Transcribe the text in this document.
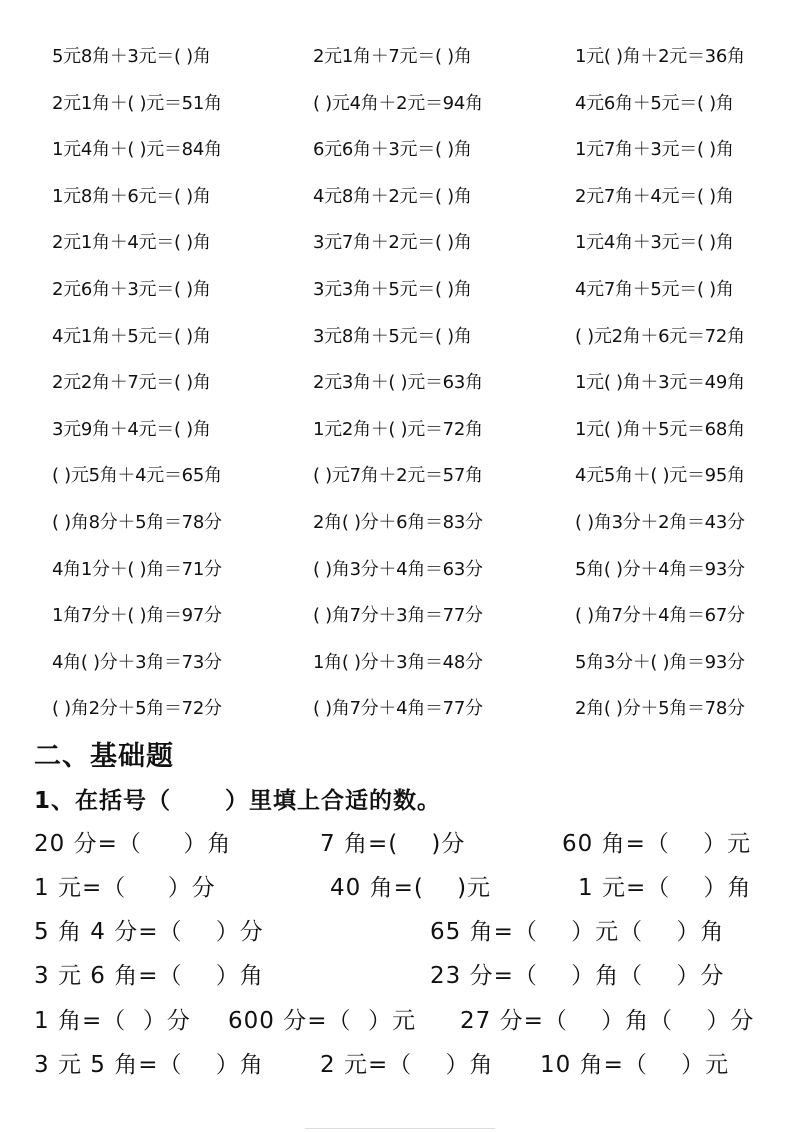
5元8角＋3元＝( )角	2元1角＋7元＝( )角	1元( )角＋2元＝36角
2元1角＋( )元＝51角	( )元4角＋2元＝94角	4元6角＋5元＝( )角
1元4角＋( )元＝84角	6元6角＋3元＝( )角	1元7角＋3元＝( )角
1元8角＋6元＝( )角	4元8角＋2元＝( )角	2元7角＋4元＝( )角
2元1角＋4元＝( )角	3元7角＋2元＝( )角	1元4角＋3元＝( )角
2元6角＋3元＝( )角	3元3角＋5元＝( )角	4元7角＋5元＝( )角
4元1角＋5元＝( )角	3元8角＋5元＝( )角	( )元2角＋6元＝72角
2元2角＋7元＝( )角	2元3角＋( )元＝63角	1元( )角＋3元＝49角
3元9角＋4元＝( )角	1元2角＋( )元＝72角	1元( )角＋5元＝68角
( )元5角＋4元＝65角	( )元7角＋2元＝57角	4元5角＋( )元＝95角
( )角8分＋5角＝78分	2角( )分＋6角＝83分	( )角3分＋2角＝43分
4角1分＋( )角＝71分	( )角3分＋4角＝63分	5角( )分＋4角＝93分
1角7分＋( )角＝97分	( )角7分＋3角＝77分	( )角7分＋4角＝67分
4角( )分＋3角＝73分	1角( )分＋3角＝48分	5角3分＋( )角＝93分
( )角2分＋5角＝72分	( )角7分＋4角＝77分	2角( )分＋5角＝78分
二、基础题
1、在括号（      ）里填上合适的数。
20 分=（     ）角	7 角=(    )分	60 角=（    ）元
1 元=（     ）分	40 角=(    )元	1 元=（    ）角
5 角 4 分=（    ）分	65 角=（    ）元（    ）角
3 元 6 角=（    ）角	23 分=（    ）角（    ）分
1 角=（  ）分 600 分=（  ）元 27 分=（    ）角（    ）分
3 元 5 角=（    ）角 2 元=（    ）角 10 角=（    ）元
